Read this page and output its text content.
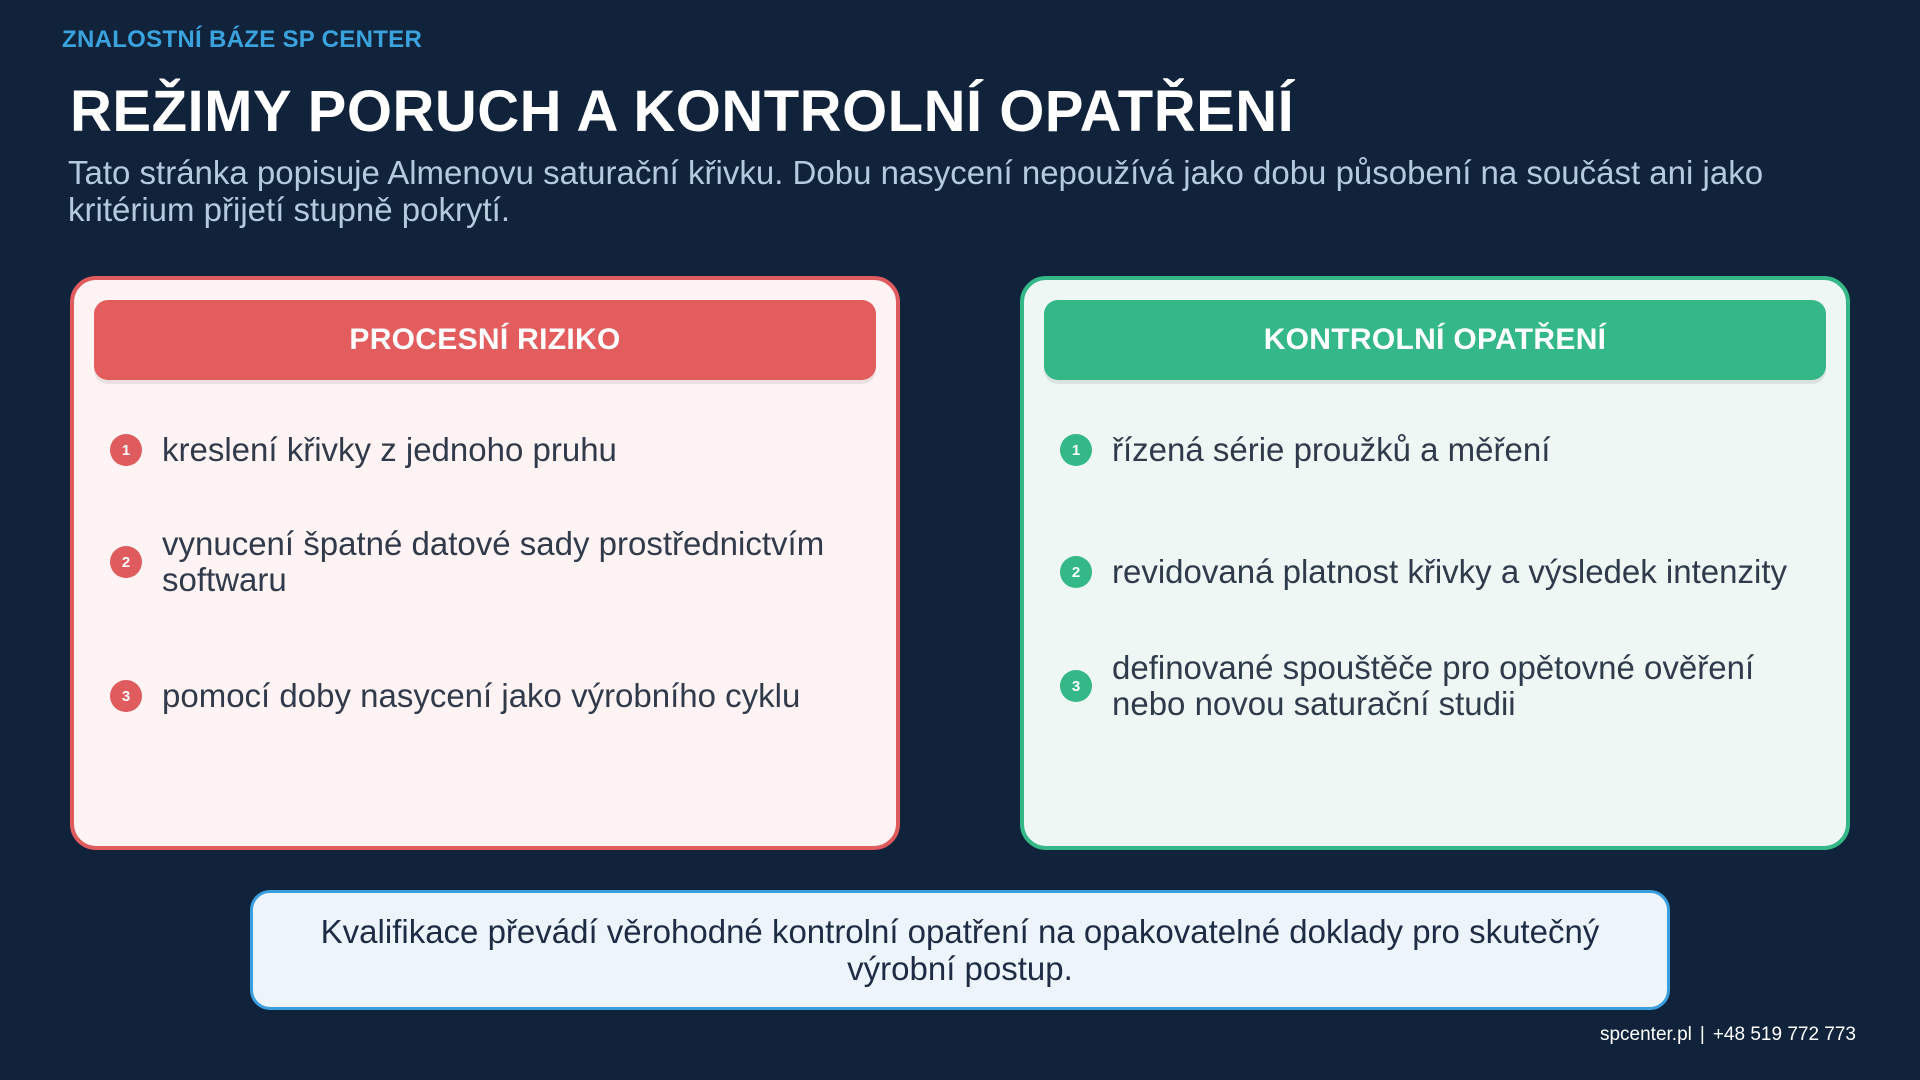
ZNALOSTNÍ BÁZE SP CENTER
REŽIMY PORUCH A KONTROLNÍ OPATŘENÍ

Tato stránka popisuje Almenovu saturační křivku. Dobu nasycení nepoužívá jako dobu působení na součást ani jako kritérium přijetí stupně pokrytí.

PROCESNÍ RIZIKO
1 kreslení křivky z jednoho pruhu
2 vynucení špatné datové sady prostřednictvím softwaru
3 pomocí doby nasycení jako výrobního cyklu
KONTROLNÍ OPATŘENÍ
1 řízená série proužků a měření
2 revidovaná platnost křivky a výsledek intenzity
3 definované spouštěče pro opětovné ověření nebo novou saturační studii
Kvalifikace převádí věrohodné kontrolní opatření na opakovatelné doklady pro skutečný výrobní postup.
spcenter.pl | +48 519 772 773
